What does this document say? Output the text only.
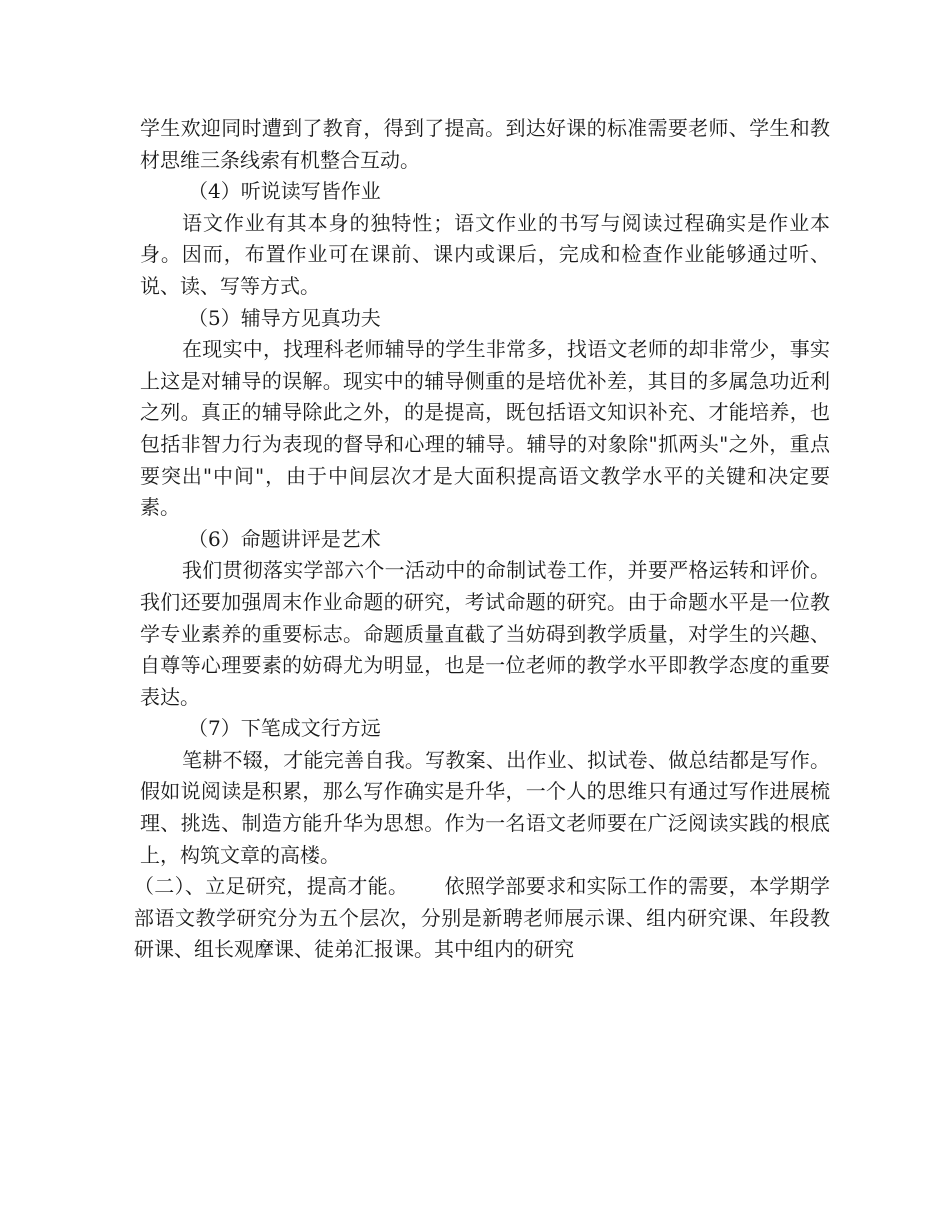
学生欢迎同时遭到了教育，得到了提高。到达好课的标准需要老师、学生和教材思维三条线索有机整合互动。

（4）听说读写皆作业

语文作业有其本身的独特性；语文作业的书写与阅读过程确实是作业本身。因而，布置作业可在课前、课内或课后，完成和检查作业能够通过听、说、读、写等方式。

（5）辅导方见真功夫

在现实中，找理科老师辅导的学生非常多，找语文老师的却非常少，事实上这是对辅导的误解。现实中的辅导侧重的是培优补差，其目的多属急功近利之列。真正的辅导除此之外，的是提高，既包括语文知识补充、才能培养，也包括非智力行为表现的督导和心理的辅导。辅导的对象除"抓两头"之外，重点要突出"中间"，由于中间层次才是大面积提高语文教学水平的关键和决定要素。

（6）命题讲评是艺术

我们贯彻落实学部六个一活动中的命制试卷工作，并要严格运转和评价。我们还要加强周末作业命题的研究，考试命题的研究。由于命题水平是一位教学专业素养的重要标志。命题质量直截了当妨碍到教学质量，对学生的兴趣、自尊等心理要素的妨碍尤为明显，也是一位老师的教学水平即教学态度的重要表达。

（7）下笔成文行方远

笔耕不辍，才能完善自我。写教案、出作业、拟试卷、做总结都是写作。假如说阅读是积累，那么写作确实是升华，一个人的思维只有通过写作进展梳理、挑选、制造方能升华为思想。作为一名语文老师要在广泛阅读实践的根底上，构筑文章的高楼。

（二）、立足研究，提高才能。 依照学部要求和实际工作的需要，本学期学部语文教学研究分为五个层次，分别是新聘老师展示课、组内研究课、年段教研课、组长观摩课、徒弟汇报课。其中组内的研究
